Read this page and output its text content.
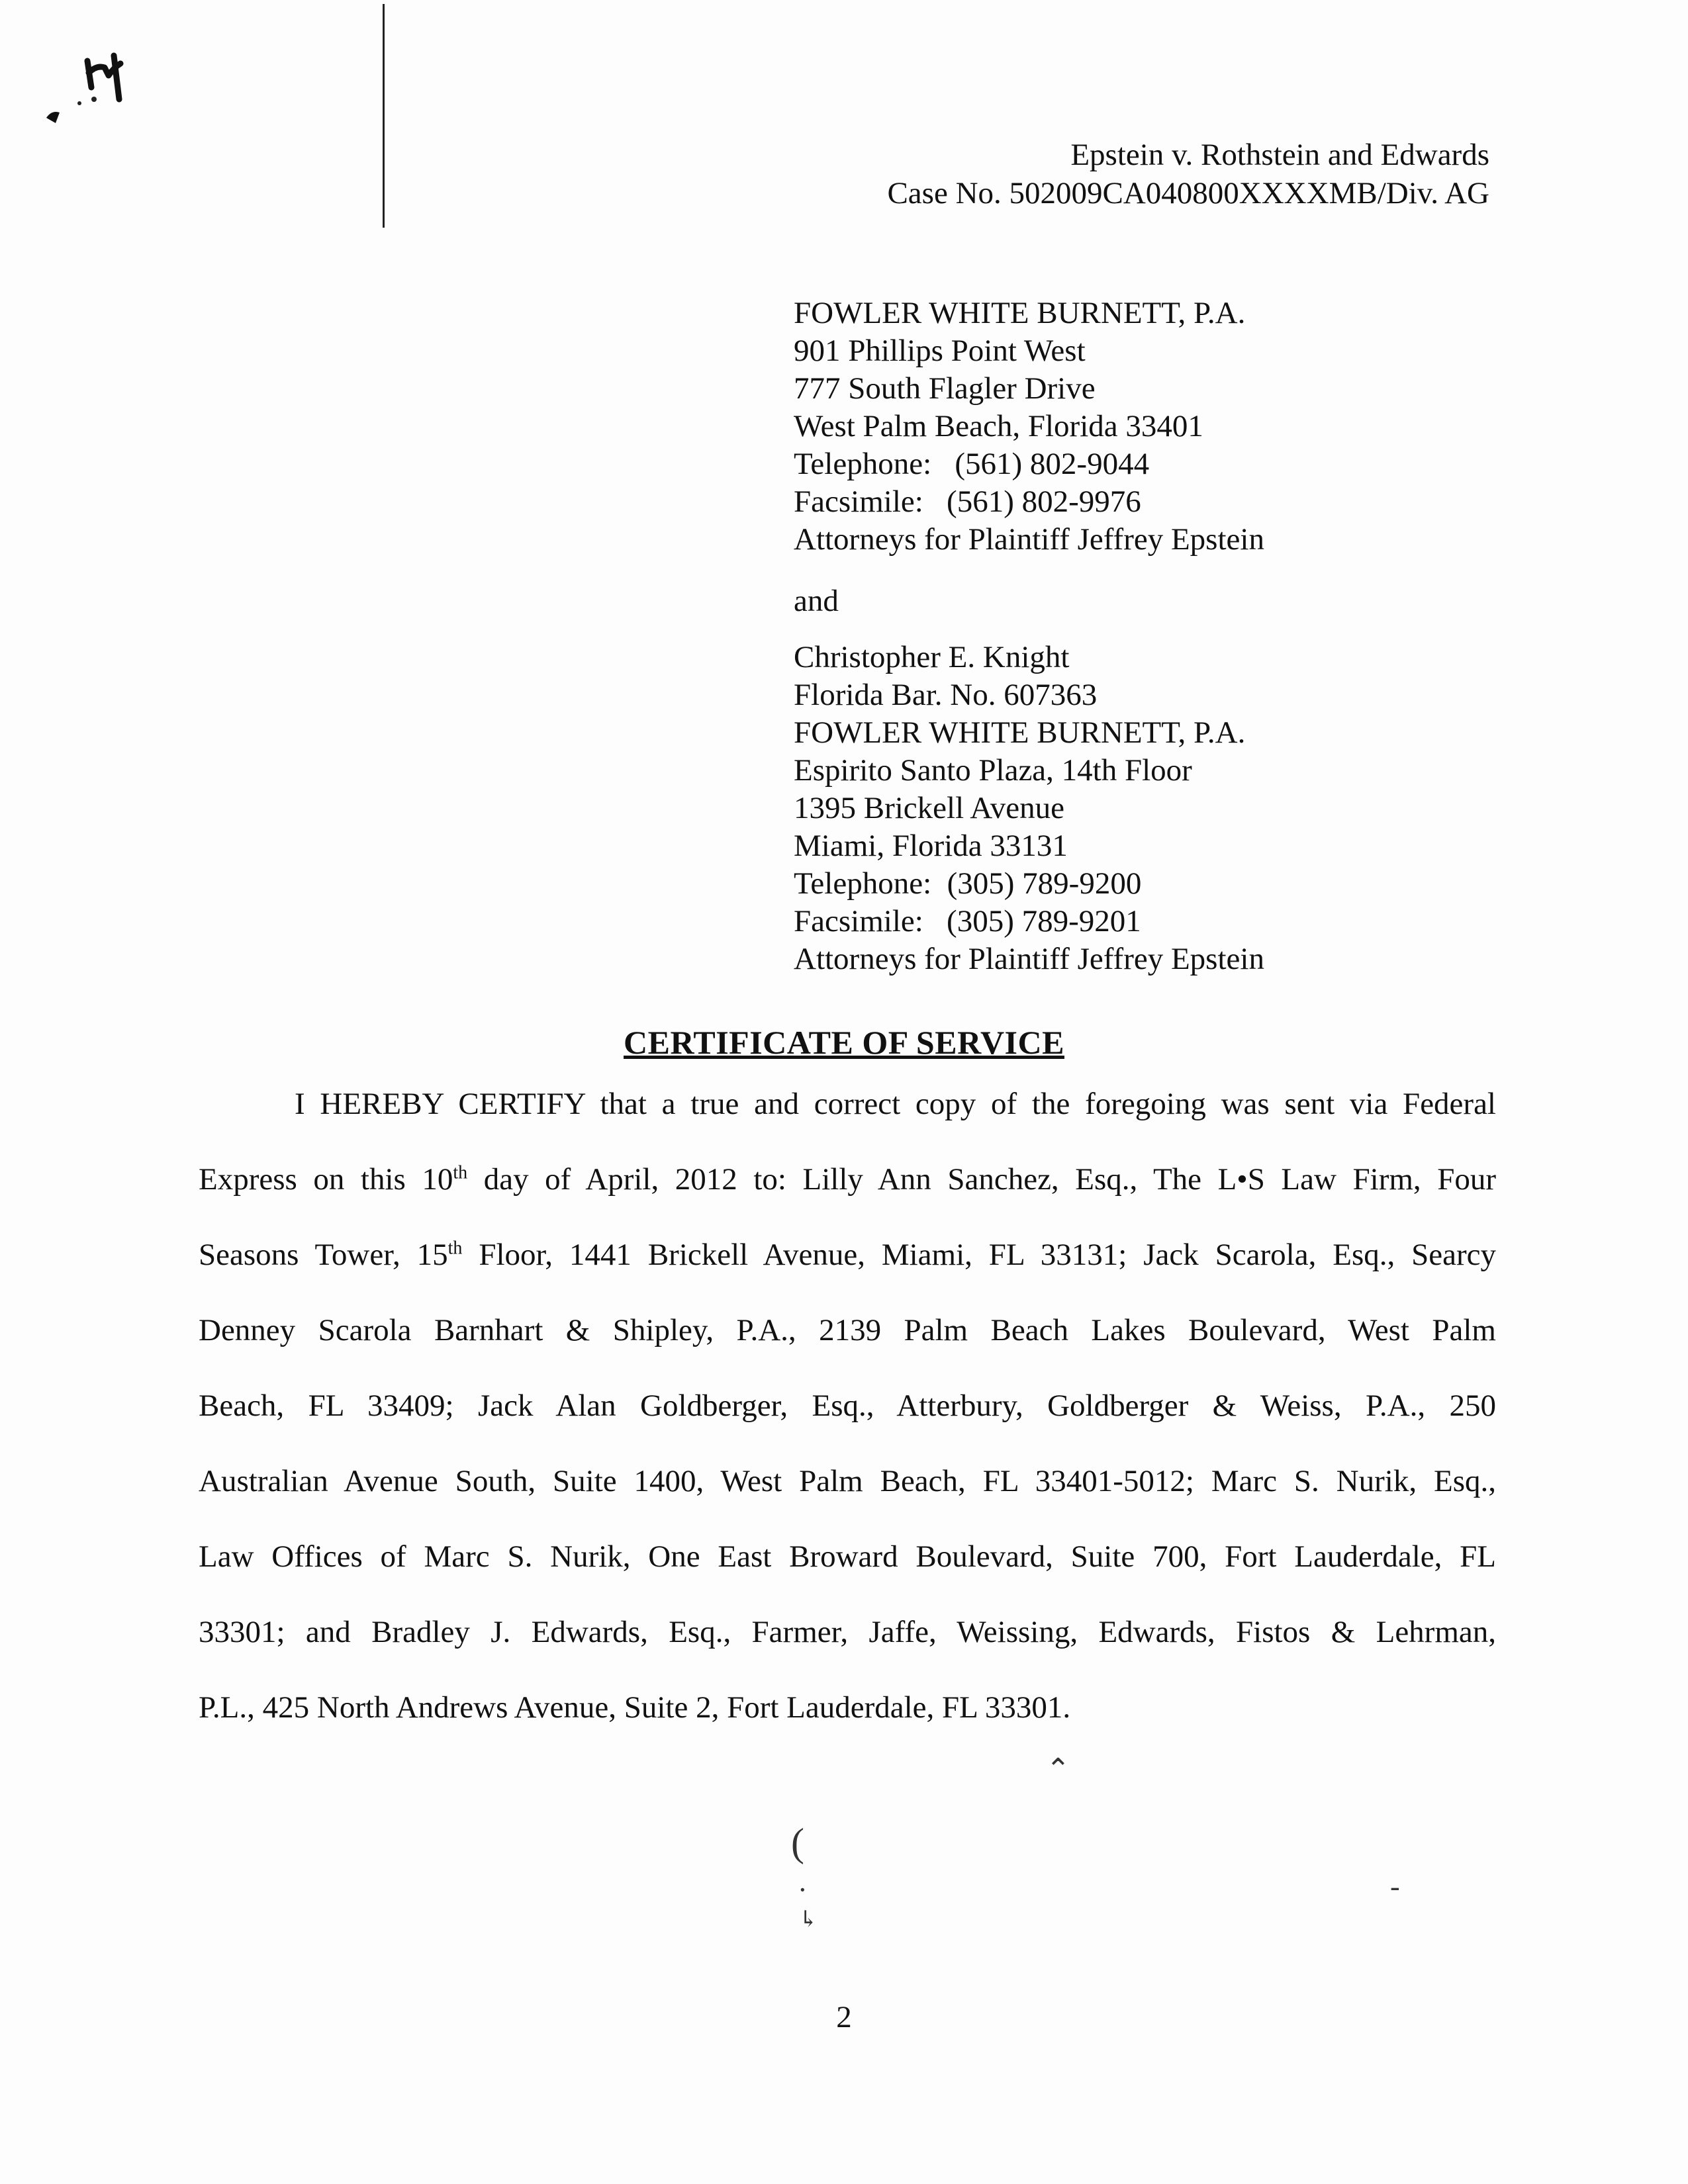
Epstein v. Rothstein and Edwards
Case No. 502009CA040800XXXXMB/Div. AG
FOWLER WHITE BURNETT, P.A.
901 Phillips Point West
777 South Flagler Drive
West Palm Beach, Florida 33401
Telephone:   (561) 802-9044
Facsimile:   (561) 802-9976
Attorneys for Plaintiff Jeffrey Epstein
and
Christopher E. Knight
Florida Bar. No. 607363
FOWLER WHITE BURNETT, P.A.
Espirito Santo Plaza, 14th Floor
1395 Brickell Avenue
Miami, Florida 33131
Telephone:  (305) 789-9200
Facsimile:   (305) 789-9201
Attorneys for Plaintiff Jeffrey Epstein
CERTIFICATE OF SERVICE
I HEREBY CERTIFY that a true and correct copy of the foregoing was sent via Federal
Express on this 10th day of April, 2012 to: Lilly Ann Sanchez, Esq., The L•S Law Firm, Four
Seasons Tower, 15th Floor, 1441 Brickell Avenue, Miami, FL 33131; Jack Scarola, Esq., Searcy
Denney Scarola Barnhart & Shipley, P.A., 2139 Palm Beach Lakes Boulevard, West Palm
Beach, FL 33409; Jack Alan Goldberger, Esq., Atterbury, Goldberger & Weiss, P.A., 250
Australian Avenue South, Suite 1400, West Palm Beach, FL 33401-5012; Marc S. Nurik, Esq.,
Law Offices of Marc S. Nurik, One East Broward Boulevard, Suite 700, Fort Lauderdale, FL
33301; and Bradley J. Edwards, Esq., Farmer, Jaffe, Weissing, Edwards, Fistos & Lehrman,
P.L., 425 North Andrews Avenue, Suite 2, Fort Lauderdale, FL 33301.
⌃
(
·
↳
-
2
